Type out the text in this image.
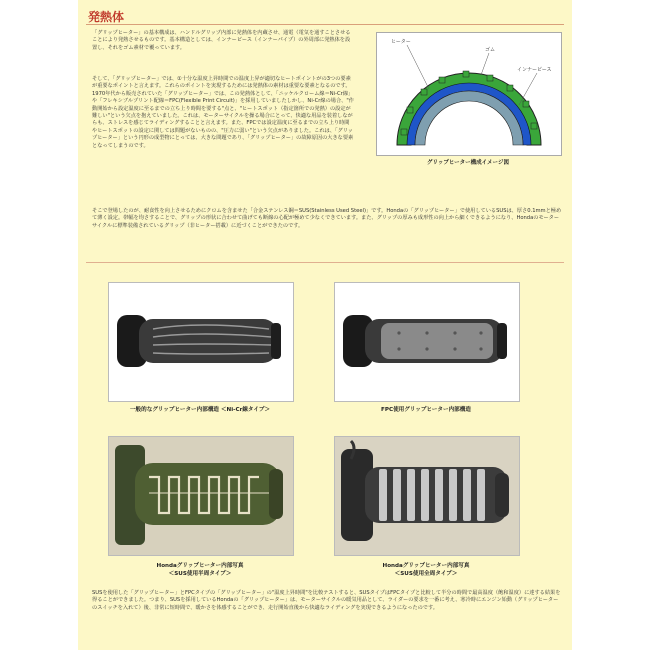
発熱体
「グリップヒーター」の基本構成は、ハンドルグリップ内部に発熱体を内蔵させ、通電（電気を通すことさせることにより発熱させるものです。基本構造としては、インナーピース（インナーパイプ）の外周部に発熱体を設置し、それをゴム素材で覆っています。
そして、「グリップヒーター」では、①十分な温度上昇時間での温度上昇が適切なヒートポイントがの3つの要素が重要なポイントと言えます。これらのポイントを実現するためには発熱体の素材は重要な要素となるのです。1970年代から販売されていた「グリップヒーター」では、この発熱体として、「ニッケルクローム線＝Ni-Cr線」や「フレキシブルプリント配線＝FPC(Flexible Print Circuit)」を採用していましたしかし、Ni-Cr線の場合、"作動開始から設定温度に至るまでの立ち上り時間を要する"点と、"ヒートスポット（指定箇所での発熱）の設定が難しい"という欠点を抱えていました。これは、モーターサイクルを操る場合にとって、快適な用品を装着しながらも、ストレスを感じてライディングすることと言えます。また、FPCでは設定温度に至るまでの立ち上り時間やヒートスポットの設定に関しては問題がないものの、"圧力に弱い"という欠点がありました。これは、「グリップヒーター」という円形の成型物にとっては、大きな問題であり、「グリップヒーター」の故障原因の大きな要素となってしまうのです。
ヒーター
ゴム
インナーピース
グリップヒーター構成イメージ図
そこで登場したのが、耐食性を向上させるためにクロムを含ませた「合金ステンレス鋼＝SUS(Stainless Used Steel)」です。Hondaの「グリップヒーター」で使用しているSUSは、厚さ0.1mmと極めて薄く設定。帯幅を均さすることで、グリップの形状に合わせて曲げても断線の心配が極めて少なくできています。また、グリップの厚みも成形性の向上から細くできるようになり、Hondaのモーターサイクルに標準装備されているグリップ（非ヒーター搭載）に近づくことができたのです。
一般的なグリップヒーター内部構造 ＜Ni-Cr線タイプ＞	FPC使用グリップヒーター内部構造
Hondaグリップヒーター内部写真
＜SUS使用半周タイプ＞
Hondaグリップヒーター内部写真
＜SUS使用全周タイプ＞
SUSを使用した「グリップヒーター」とFPCタイプの「グリップヒーター」の"温度上昇時間"を比較テストすると、SUSタイプはFPCタイプと比較して半分の時間で最高温度（飽和温度）に達する結果を得ることができました。つまり、SUSを採用しているHondaの「グリップヒーター」は、モーターサイクルの暖気用品として、ライダーの要求を一番に考え、寒冷時にエンジン始動（グリップヒーターのスイッチを入れて）後、非常に短時間で、暖かさを体感することができ、走行開始直後から快適なライディングを実現できるようになったのです。
